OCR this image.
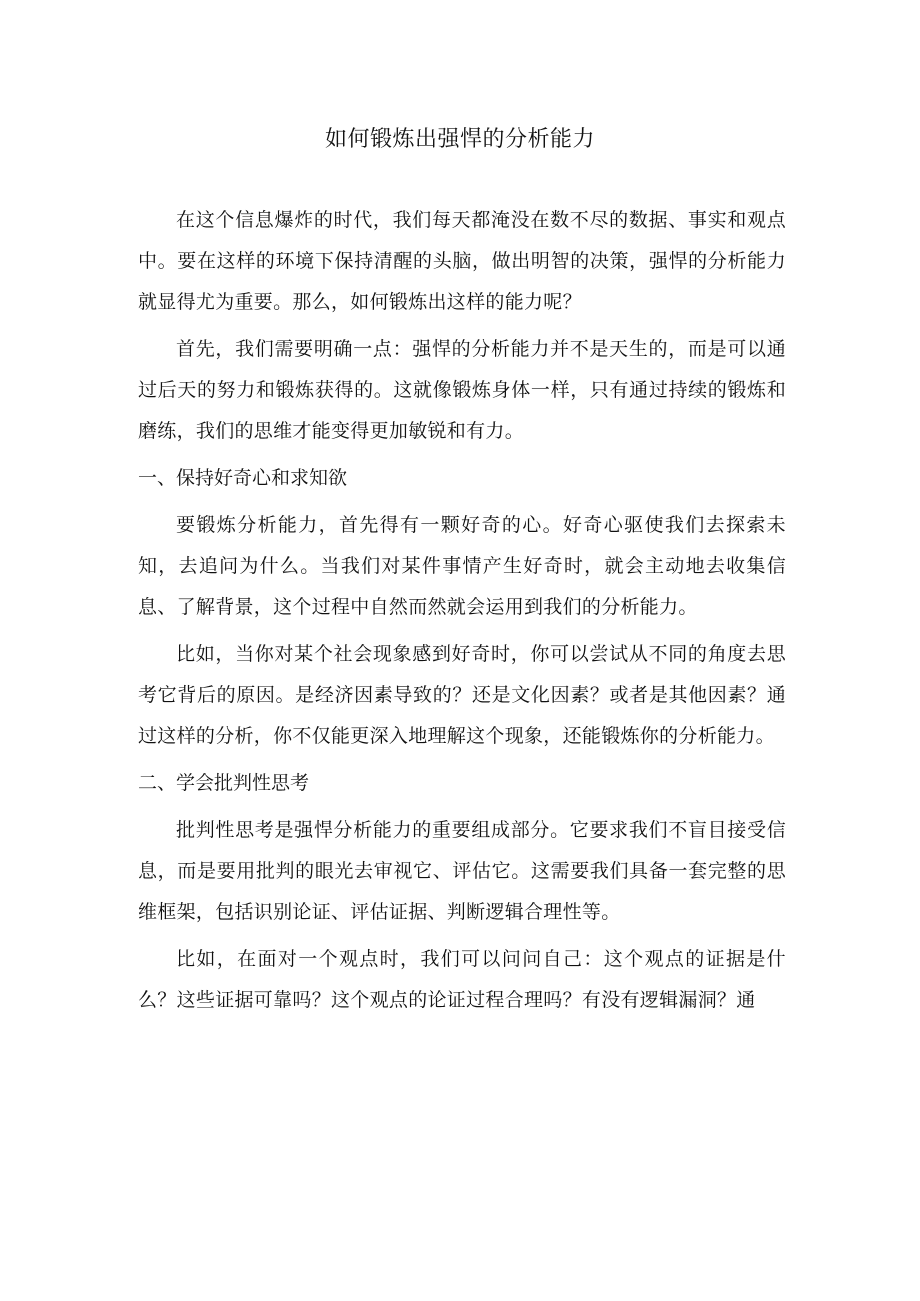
如何锻炼出强悍的分析能力

在这个信息爆炸的时代，我们每天都淹没在数不尽的数据、事实和观点中。要在这样的环境下保持清醒的头脑，做出明智的决策，强悍的分析能力就显得尤为重要。那么，如何锻炼出这样的能力呢？

首先，我们需要明确一点：强悍的分析能力并不是天生的，而是可以通过后天的努力和锻炼获得的。这就像锻炼身体一样，只有通过持续的锻炼和磨练，我们的思维才能变得更加敏锐和有力。

一、保持好奇心和求知欲

要锻炼分析能力，首先得有一颗好奇的心。好奇心驱使我们去探索未知，去追问为什么。当我们对某件事情产生好奇时，就会主动地去收集信息、了解背景，这个过程中自然而然就会运用到我们的分析能力。

比如，当你对某个社会现象感到好奇时，你可以尝试从不同的角度去思考它背后的原因。是经济因素导致的？还是文化因素？或者是其他因素？通过这样的分析，你不仅能更深入地理解这个现象，还能锻炼你的分析能力。

二、学会批判性思考

批判性思考是强悍分析能力的重要组成部分。它要求我们不盲目接受信息，而是要用批判的眼光去审视它、评估它。这需要我们具备一套完整的思维框架，包括识别论证、评估证据、判断逻辑合理性等。

比如，在面对一个观点时，我们可以问问自己：这个观点的证据是什么？这些证据可靠吗？这个观点的论证过程合理吗？有没有逻辑漏洞？通
